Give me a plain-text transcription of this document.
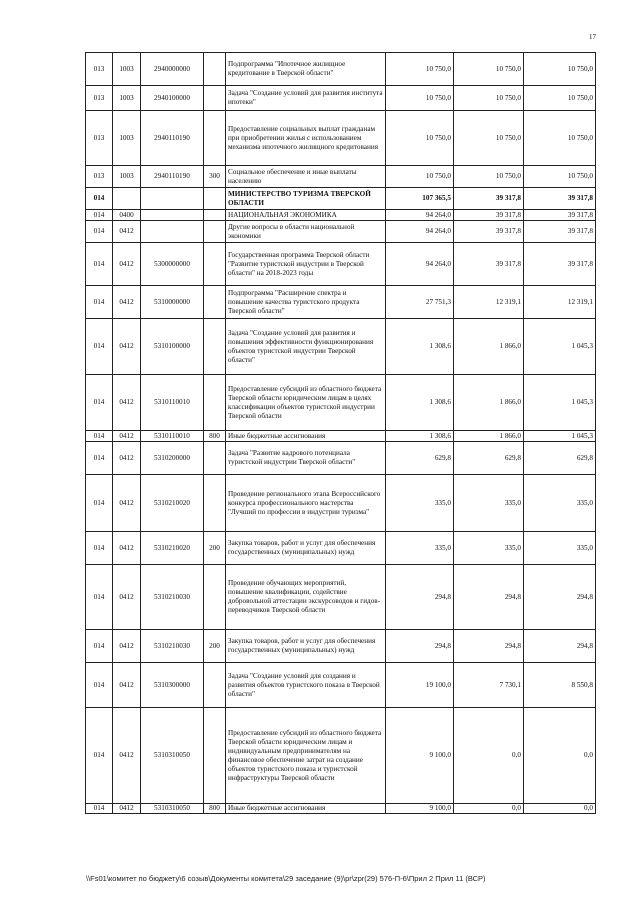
17
013	1003	2940000000		Подпрограмма "Ипотечное жилищное кредитование в Тверской области"	10 750,0	10 750,0	10 750,0
013	1003	2940100000		Задача "Создание условий для развития института ипотеки"	10 750,0	10 750,0	10 750,0
013	1003	2940110190		Предоставление социальных выплат гражданам при приобретении жилья с использованием механизма ипотечного жилищного кредитования	10 750,0	10 750,0	10 750,0
013	1003	2940110190	300	Социальное обеспечение и иные выплаты населению	10 750,0	10 750,0	10 750,0
014				МИНИСТЕРСТВО ТУРИЗМА ТВЕРСКОЙ ОБЛАСТИ	107 365,5	39 317,8	39 317,8
014	0400			НАЦИОНАЛЬНАЯ ЭКОНОМИКА	94 264,0	39 317,8	39 317,8
014	0412			Другие вопросы в области национальной экономики	94 264,0	39 317,8	39 317,8
014	0412	5300000000		Государственная программа Тверской области "Развитие туристской индустрии в Тверской области" на 2018-2023 годы	94 264,0	39 317,8	39 317,8
014	0412	5310000000		Подпрограмма "Расширение спектра и повышение качества туристского продукта Тверской области"	27 751,3	12 319,1	12 319,1
014	0412	5310100000		Задача "Создание условий для развития и повышения эффективности функционирования объектов туристской индустрии Тверской области"	1 308,6	1 866,0	1 045,3
014	0412	5310110010		Предоставление субсидий из областного бюджета Тверской области юридическим лицам в целях классификации объектов туристской индустрии Тверской области	1 308,6	1 866,0	1 045,3
014	0412	5310110010	800	Иные бюджетные ассигнования	1 308,6	1 866,0	1 045,3
014	0412	5310200000		Задача "Развитие кадрового потенциала туристской индустрии Тверской области"	629,8	629,8	629,8
014	0412	5310210020		Проведение регионального этапа Всероссийского конкурса профессионального мастерства "Лучший по профессии в индустрии туризма"	335,0	335,0	335,0
014	0412	5310210020	200	Закупка товаров, работ и услуг для обеспечения государственных (муниципальных) нужд	335,0	335,0	335,0
014	0412	5310210030		Проведение обучающих мероприятий, повышение квалификации, содействие добровольной аттестации экскурсоводов и гидов-переводчиков Тверской области	294,8	294,8	294,8
014	0412	5310210030	200	Закупка товаров, работ и услуг для обеспечения государственных (муниципальных) нужд	294,8	294,8	294,8
014	0412	5310300000		Задача "Создание условий для создания и развития объектов туристского показа в Тверской области"	19 100,0	7 730,1	8 550,8
014	0412	5310310050		Предоставление субсидий из областного бюджета Тверской области юридическим лицам и индивидуальным предпринимателям на финансовое обеспечение затрат на создание объектов туристского показа и туристской инфраструктуры Тверской области	9 100,0	0,0	0,0
014	0412	5310310050	800	Иные бюджетные ассигнования	9 100,0	0,0	0,0
\\Fs01\комитет по бюджету\6 созыв\Документы комитета\29 заседание (9)\pr\zpr(29) 576-П-6\Прил 2 Прил 11 (ВСР)
